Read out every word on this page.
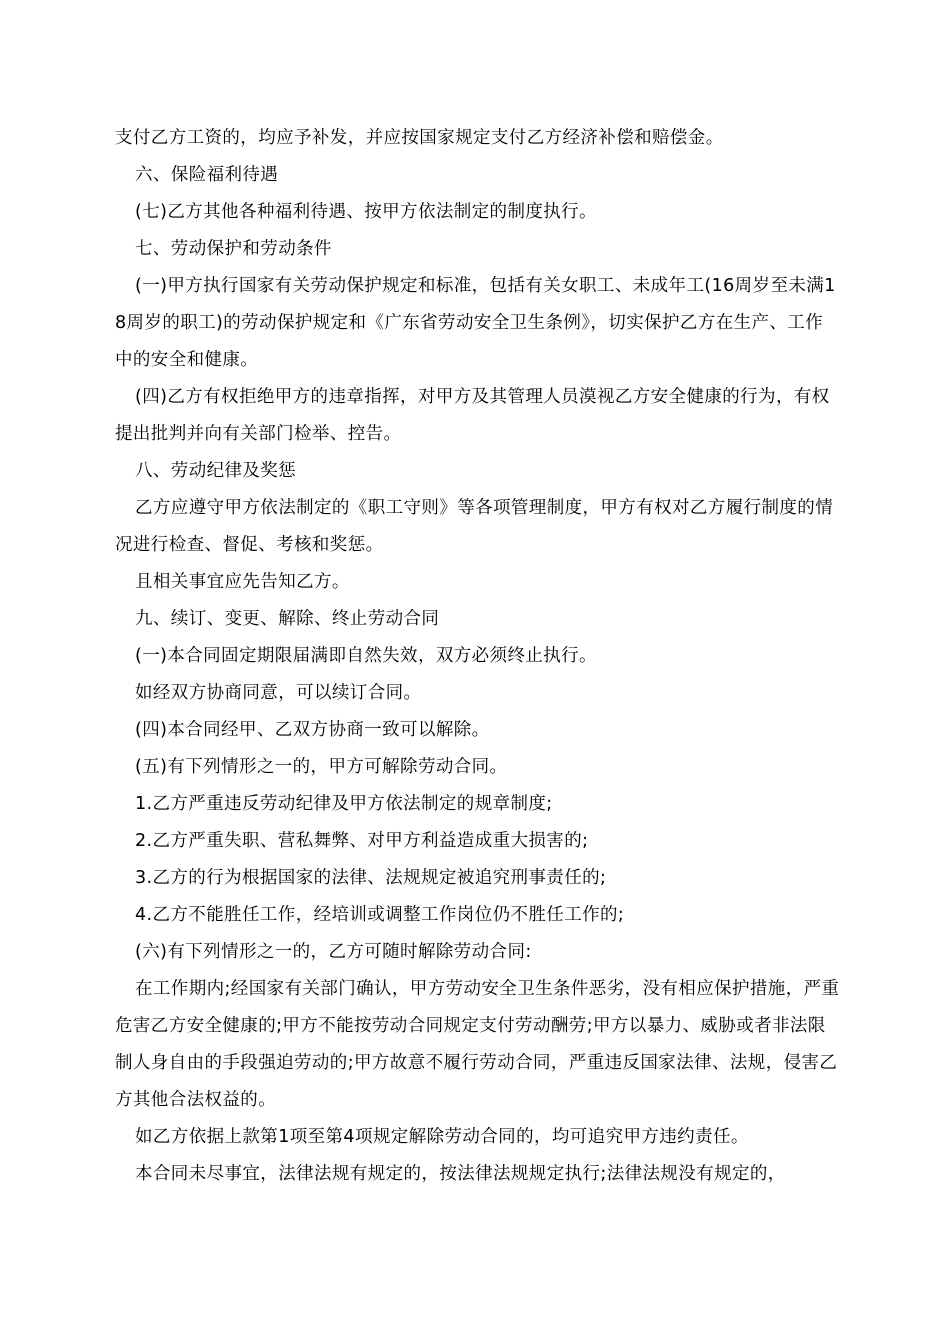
支付乙方工资的，均应予补发，并应按国家规定支付乙方经济补偿和赔偿金。

六、保险福利待遇

(七)乙方其他各种福利待遇、按甲方依法制定的制度执行。

七、劳动保护和劳动条件

(一)甲方执行国家有关劳动保护规定和标准，包括有关女职工、未成年工(16周岁至未满18周岁的职工)的劳动保护规定和《广东省劳动安全卫生条例》，切实保护乙方在生产、工作中的安全和健康。

(四)乙方有权拒绝甲方的违章指挥，对甲方及其管理人员漠视乙方安全健康的行为，有权提出批判并向有关部门检举、控告。

八、劳动纪律及奖惩

乙方应遵守甲方依法制定的《职工守则》等各项管理制度，甲方有权对乙方履行制度的情况进行检查、督促、考核和奖惩。

且相关事宜应先告知乙方。

九、续订、变更、解除、终止劳动合同

(一)本合同固定期限届满即自然失效，双方必须终止执行。

如经双方协商同意，可以续订合同。

(四)本合同经甲、乙双方协商一致可以解除。

(五)有下列情形之一的，甲方可解除劳动合同。

1.乙方严重违反劳动纪律及甲方依法制定的规章制度;

2.乙方严重失职、营私舞弊、对甲方利益造成重大损害的;

3.乙方的行为根据国家的法律、法规规定被追究刑事责任的;

4.乙方不能胜任工作，经培训或调整工作岗位仍不胜任工作的;

(六)有下列情形之一的，乙方可随时解除劳动合同:

在工作期内;经国家有关部门确认，甲方劳动安全卫生条件恶劣，没有相应保护措施，严重危害乙方安全健康的;甲方不能按劳动合同规定支付劳动酬劳;甲方以暴力、威胁或者非法限制人身自由的手段强迫劳动的;甲方故意不履行劳动合同，严重违反国家法律、法规，侵害乙方其他合法权益的。

如乙方依据上款第1项至第4项规定解除劳动合同的，均可追究甲方违约责任。

本合同未尽事宜，法律法规有规定的，按法律法规规定执行;法律法规没有规定的，
